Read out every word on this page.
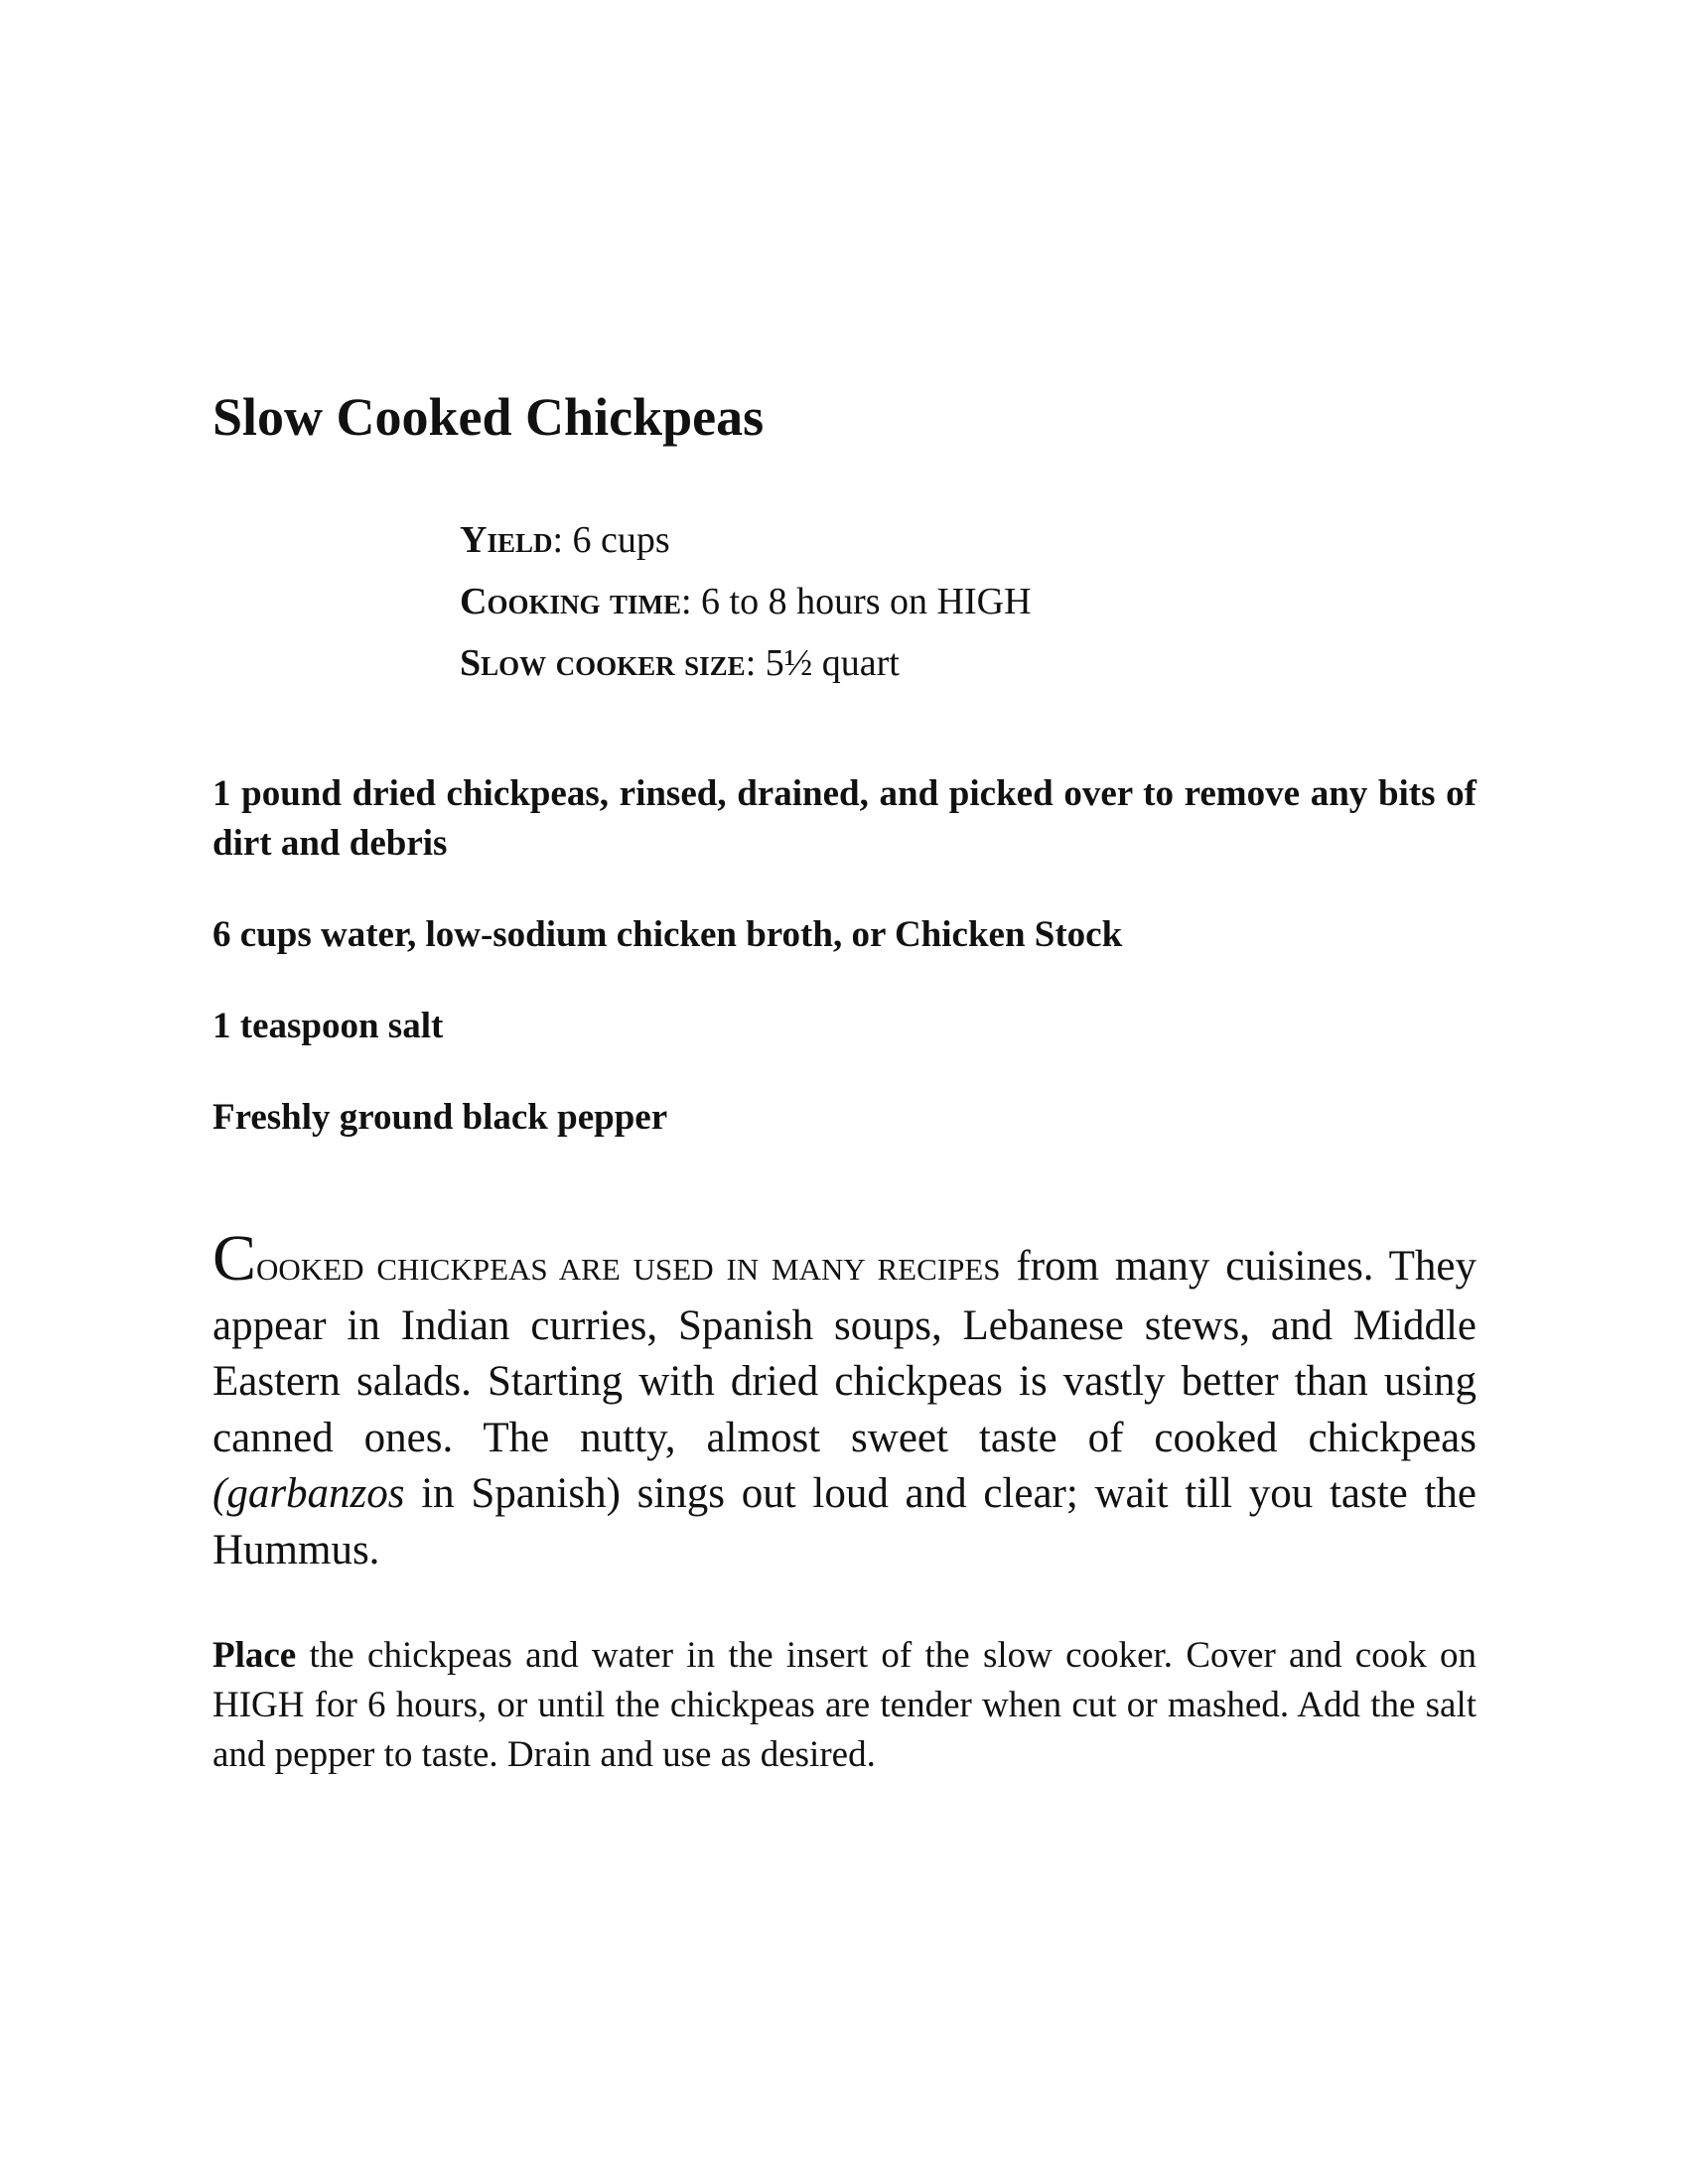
Slow Cooked Chickpeas
Yield: 6 cups
Cooking time: 6 to 8 hours on HIGH
Slow cooker size: 5½ quart

1 pound dried chickpeas, rinsed, drained, and picked over to remove any bits of dirt and debris

6 cups water, low-sodium chicken broth, or Chicken Stock

1 teaspoon salt

Freshly ground black pepper

COOKED CHICKPEAS ARE USED IN MANY RECIPES from many cuisines. They appear in Indian curries, Spanish soups, Lebanese stews, and Middle Eastern salads. Starting with dried chickpeas is vastly better than using canned ones. The nutty, almost sweet taste of cooked chickpeas (garbanzos in Spanish) sings out loud and clear; wait till you taste the Hummus.

Place the chickpeas and water in the insert of the slow cooker. Cover and cook on HIGH for 6 hours, or until the chickpeas are tender when cut or mashed. Add the salt and pepper to taste. Drain and use as desired.
